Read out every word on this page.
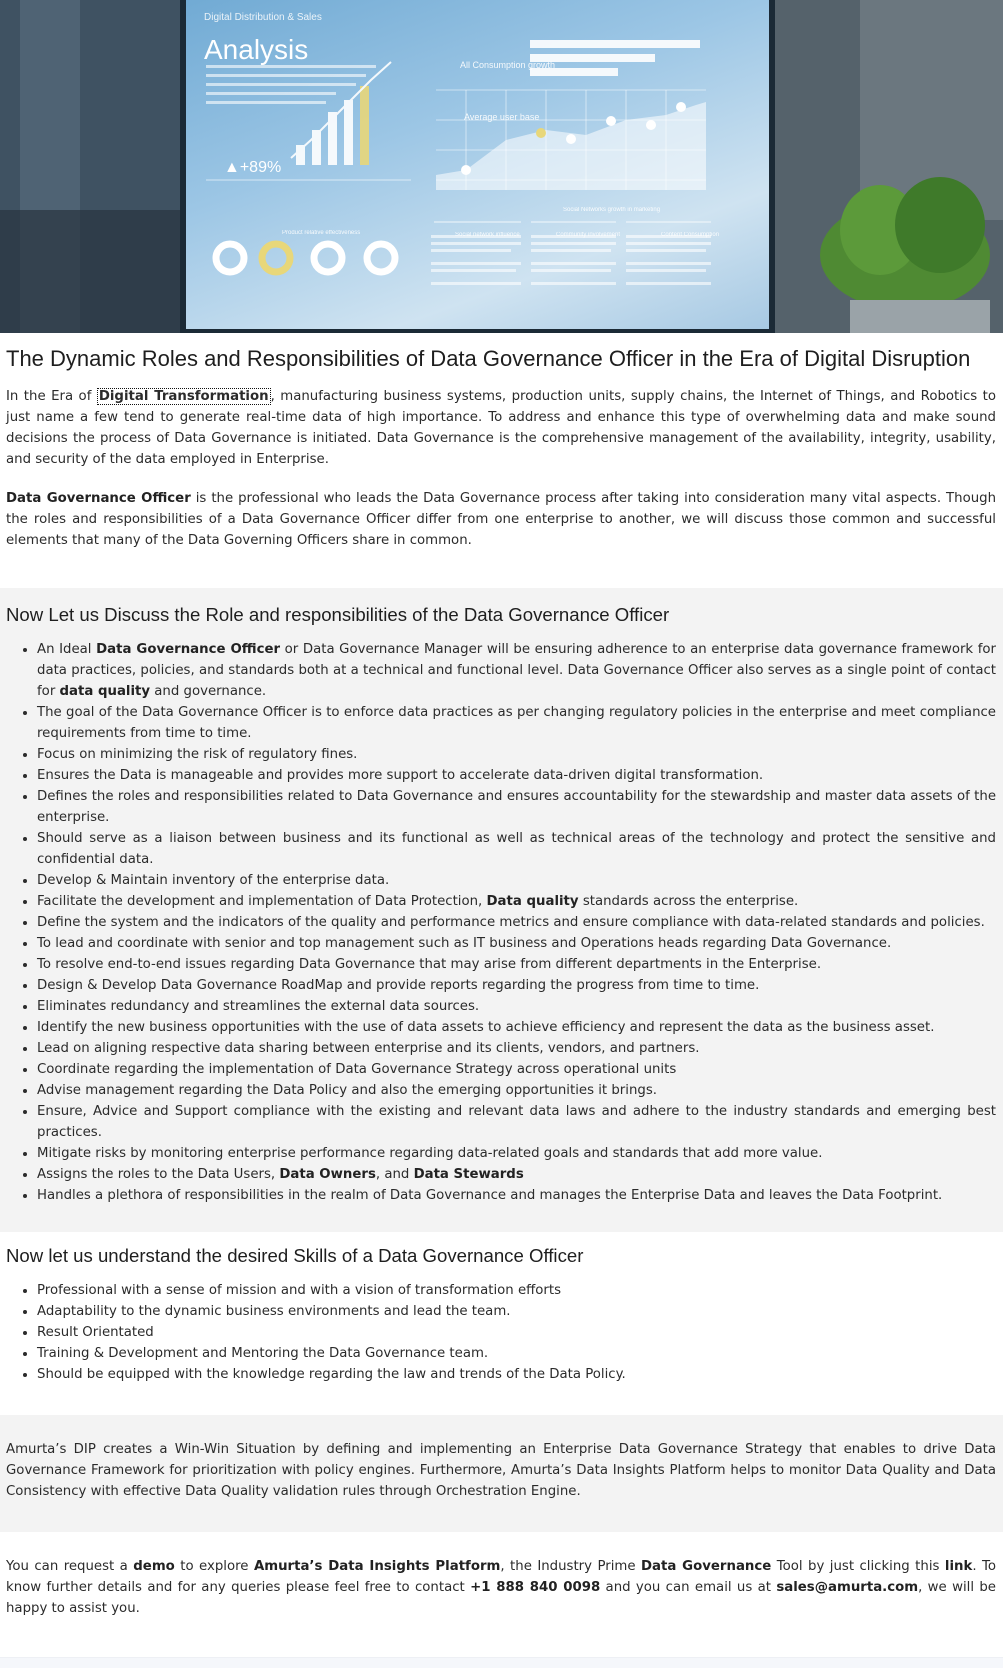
Digital Distribution & Sales
Analysis
▲+89%
All Consumption growth
Average user base
Social Networks growth in marketing
Social network influence	Community involvement	Content Consumption
Product relative effectiveness
The Dynamic Roles and Responsibilities of Data Governance Officer in the Era of Digital Disruption

In the Era of Digital Transformation , manufacturing business systems, production units, supply chains, the Internet of Things, and Robotics to just name a few tend to generate real-time data of high importance. To address and enhance this type of overwhelming data and make sound decisions the process of Data Governance is initiated. Data Governance is the comprehensive management of the availability, integrity, usability, and security of the data employed in Enterprise.

Data Governance Officer is the professional who leads the Data Governance process after taking into consideration many vital aspects. Though the roles and responsibilities of a Data Governance Officer differ from one enterprise to another, we will discuss those common and successful elements that many of the Data Governing Officers share in common.

Now Let us Discuss the Role and responsibilities of the Data Governance Officer
• An Ideal Data Governance Officer or Data Governance Manager will be ensuring adherence to an enterprise data governance framework for data practices, policies, and standards both at a technical and functional level. Data Governance Officer also serves as a single point of contact for data quality and governance.
• The goal of the Data Governance Officer is to enforce data practices as per changing regulatory policies in the enterprise and meet compliance requirements from time to time.
• Focus on minimizing the risk of regulatory fines.
• Ensures the Data is manageable and provides more support to accelerate data-driven digital transformation.
• Defines the roles and responsibilities related to Data Governance and ensures accountability for the stewardship and master data assets of the enterprise.
• Should serve as a liaison between business and its functional as well as technical areas of the technology and protect the sensitive and confidential data.
• Develop & Maintain inventory of the enterprise data.
• Facilitate the development and implementation of Data Protection, Data quality standards across the enterprise.
• Define the system and the indicators of the quality and performance metrics and ensure compliance with data-related standards and policies.
• To lead and coordinate with senior and top management such as IT business and Operations heads regarding Data Governance.
• To resolve end-to-end issues regarding Data Governance that may arise from different departments in the Enterprise.
• Design & Develop Data Governance RoadMap and provide reports regarding the progress from time to time.
• Eliminates redundancy and streamlines the external data sources.
• Identify the new business opportunities with the use of data assets to achieve efficiency and represent the data as the business asset.
• Lead on aligning respective data sharing between enterprise and its clients, vendors, and partners.
• Coordinate regarding the implementation of Data Governance Strategy across operational units
• Advise management regarding the Data Policy and also the emerging opportunities it brings.
• Ensure, Advice and Support compliance with the existing and relevant data laws and adhere to the industry standards and emerging best practices.
• Mitigate risks by monitoring enterprise performance regarding data-related goals and standards that add more value.
• Assigns the roles to the Data Users, Data Owners, and Data Stewards
• Handles a plethora of responsibilities in the realm of Data Governance and manages the Enterprise Data and leaves the Data Footprint.
Now let us understand the desired Skills of a Data Governance Officer
• Professional with a sense of mission and with a vision of transformation efforts
• Adaptability to the dynamic business environments and lead the team.
• Result Orientated
• Training & Development and Mentoring the Data Governance team.
• Should be equipped with the knowledge regarding the law and trends of the Data Policy.

Amurta’s DIP creates a Win-Win Situation by defining and implementing an Enterprise Data Governance Strategy that enables to drive Data Governance Framework for prioritization with policy engines. Furthermore, Amurta’s Data Insights Platform helps to monitor Data Quality and Data Consistency with effective Data Quality validation rules through Orchestration Engine.

You can request a demo to explore Amurta’s Data Insights Platform, the Industry Prime Data Governance Tool by just clicking this link. To know further details and for any queries please feel free to contact +1 888 840 0098 and you can email us at sales@amurta.com, we will be happy to assist you.
